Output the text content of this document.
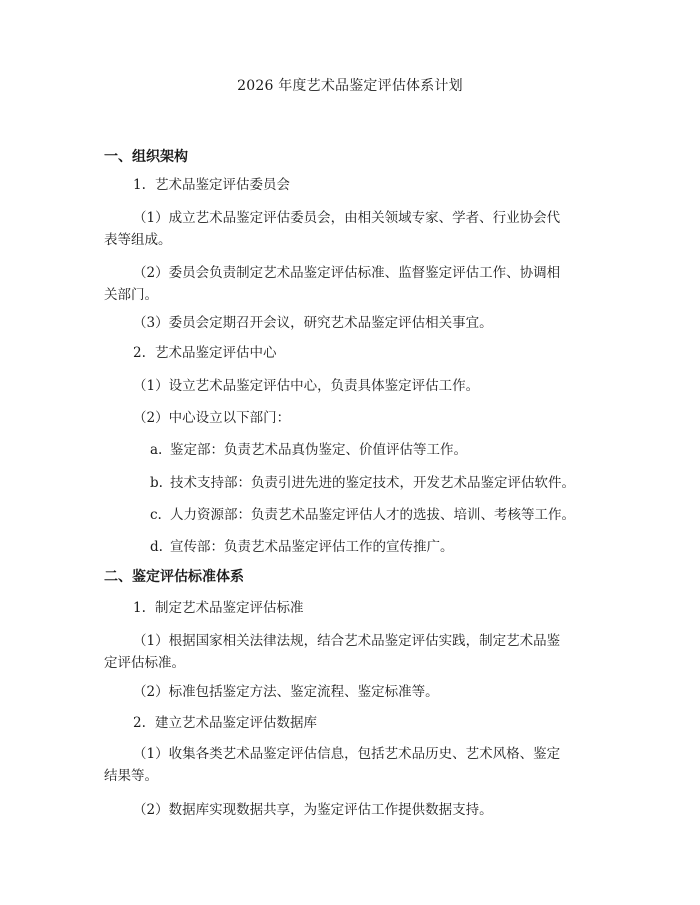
2026 年度艺术品鉴定评估体系计划
一、组织架构
1. 艺术品鉴定评估委员会
（1）成立艺术品鉴定评估委员会，由相关领域专家、学者、行业协会代表等组成。
（2）委员会负责制定艺术品鉴定评估标准、监督鉴定评估工作、协调相关部门。
（3）委员会定期召开会议，研究艺术品鉴定评估相关事宜。
2. 艺术品鉴定评估中心
（1）设立艺术品鉴定评估中心，负责具体鉴定评估工作。
（2）中心设立以下部门：
a. 鉴定部：负责艺术品真伪鉴定、价值评估等工作。
b. 技术支持部：负责引进先进的鉴定技术，开发艺术品鉴定评估软件。
c. 人力资源部：负责艺术品鉴定评估人才的选拔、培训、考核等工作。
d. 宣传部：负责艺术品鉴定评估工作的宣传推广。
二、鉴定评估标准体系
1. 制定艺术品鉴定评估标准
（1）根据国家相关法律法规，结合艺术品鉴定评估实践，制定艺术品鉴定评估标准。
（2）标准包括鉴定方法、鉴定流程、鉴定标准等。
2. 建立艺术品鉴定评估数据库
（1）收集各类艺术品鉴定评估信息，包括艺术品历史、艺术风格、鉴定结果等。
（2）数据库实现数据共享，为鉴定评估工作提供数据支持。
